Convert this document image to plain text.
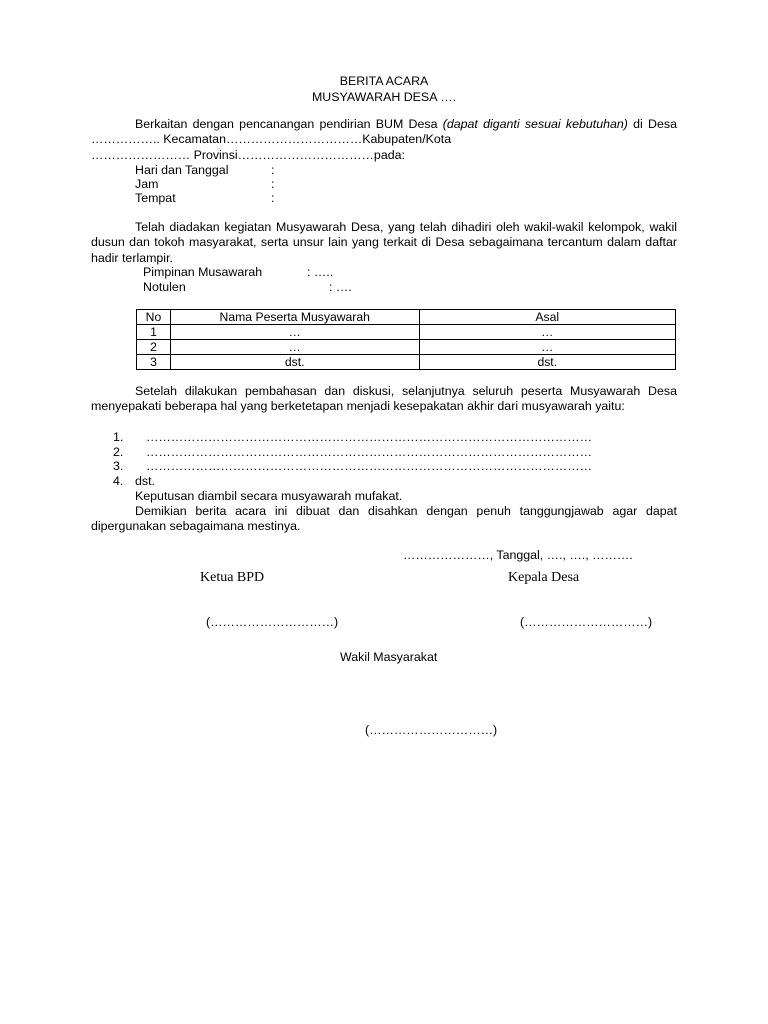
BERITA ACARA
MUSYAWARAH DESA ….
Berkaitan dengan pencanangan pendirian BUM Desa (dapat diganti sesuai kebutuhan) di Desa …………….. Kecamatan……………………………Kabupaten/Kota
…………………… Provinsi……………………………pada:
Hari dan Tanggal	:
Jam	:
Tempat	:
Telah diadakan kegiatan Musyawarah Desa, yang telah dihadiri oleh wakil-wakil kelompok, wakil dusun dan tokoh masyarakat, serta unsur lain yang terkait di Desa sebagaimana tercantum dalam daftar hadir terlampir.
Pimpinan Musawarah	: …..
Notulen	: ….
No	Nama Peserta Musyawarah	Asal
1	…	…
2	…	…
3	dst.	dst.
Setelah dilakukan pembahasan dan diskusi, selanjutnya seluruh peserta Musyawarah Desa menyepakati beberapa hal yang berketetapan menjadi kesepakatan akhir dari musyawarah yaitu:
1. ………………………………………………………………………………………………
2. ………………………………………………………………………………………………
3. ………………………………………………………………………………………………
4. dst.
Keputusan diambil secara musyawarah mufakat.
Demikian berita acara ini dibuat dan disahkan dengan penuh tanggungjawab agar dapat dipergunakan sebagaimana mestinya.
…………………, Tanggal, …., …., ……….
Ketua BPD	Kepala Desa
(…………………………)	(…………………………)
Wakil Masyarakat
(…………………………)
